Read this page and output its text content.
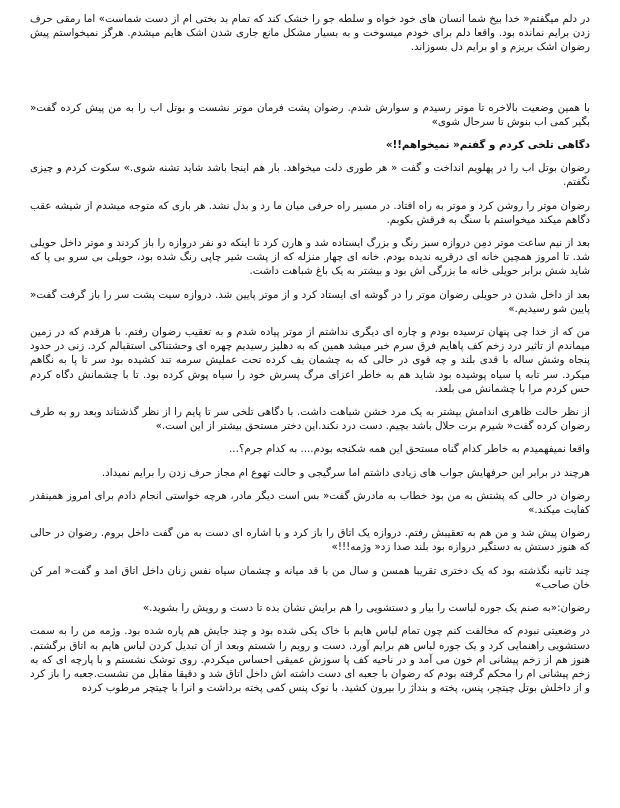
در دلم میگفتم« خدا بیخ شما انسان های خود خواه و سلطه جو را خشک کند که تمام بد بختی ام از دست شماست» اما رمقی حرف زدن برایم نمانده بود. واقعا دلم برای خودم میسوخت و به بسیار مشکل مانع جاری شدن اشک هایم میشدم. هرگز نمیخواستم پیش رضوان اشک بریزم و او برایم دل بسوزاند.

با همین وضعیت بالاخره تا موتر رسیدم و سوارش شدم. رضوان پشت فرمان موتر نشست و بوتل اب را به من پیش کرده گفت« بگیر کمی اب بنوش تا سرحال شوی»

دگاهی تلخی کردم و گفتم« نمیخواهم!!»

رضوان بوتل اب را در پهلویم انداخت و گفت « هر طوری دلت میخواهد. بار هم اینجا باشد شاید تشنه شوی.» سکوت کردم و چیزی نگفتم.

رضوان موتر را روشن کرد و موتر به راه افتاد. در مسیر راه حرفی میان ما رد و بدل نشد. هر باری که متوجه میشدم از شیشه عقب دگاهم میکند میخواستم با سنگ به فرقش بکوبم.

بعد از نیم ساعت موتر دمِن دروازه سبز رنگ و بزرگ ایستاده شد و هارن کرد تا اینکه دو نفر دروازه را باز کردند و موتر داخل حویلی شد. تا امروز همچین خانه ای درقریه ندیده بودم. خانه ای چهار منزله که از پشت شیر چاپی رنگ شده بود، حویلی بی سرو بی پا که شاید شش برابر حویلی خانه ما بزرگی اش بود و بیشتر به یک باغ شباهت داشت.

بعد از داخل شدن در حویلی رضوان موتر را در گوشه ای ایستاد کرد و از موتر پایین شد. دروازه سیت پشت سر را باز گرفت گفت« پایین شو رسیدیم.»

من که از خدا چی پنهان ترسیده بودم و چاره ای دیگری نداشتم از موتر پیاده شدم و به تعقیب رضوان رفتم. با هرقدم که در زمین میماندم از تاثیر درد زخم کف پاهایم فرق سرم خبر میشد همین که به دهلیز رسیدیم چهره ای وحشتناکی استقبالم کرد. زنی در حدود پنجاه وشش ساله با قدی بلند و چه قوی در حالی که به چشمان یف کرده تحت عملیش سرمه تند کشیده بود سر تا پا به نگاهم میکرد. سر تابه پا سیاه پوشیده بود شاید هم به خاطر اعزای مرگ پسرش خود را سیاه پوش کرده بود. تا با چشمانش دگاه کردم حس کردم مرا با چشمانش می بلعد.

از نظر حالت ظاهری اندامش بیشتر به یک مرد خشن شباهت داشت. با دگاهی تلخی سر تا پایم را از نظر گذشتاند وبعد رو به طرف رضوان کرده گفت« شیرم برت حلال باشد بچیم. دست درد نکند.این دختر مستحق بیشتر از این است.»

واقعا نمیفهمیدم به خاطر کدام گناه مستحق این همه شکنجه بودم.... به کدام جرم؟...

هرچند در برابر این حرفهایش جواب های زیادی داشتم اما سرگیجی و حالت تهوع ام مجاز حرف زدن را برایم نمیداد.

رضوان در حالی که پشتش به من بود خطاب به مادرش گفت« بس است دیگر مادر، هرچه خواستی انجام دادم برای امروز همینقدر کفایت میکند.»

رضوان پیش شد و من هم به تعقیبش رفتم. دروازه یک اتاق را باز کرد و با اشاره ای دست به من گفت داخل بروم. رضوان در حالی که هنوز دستش به دستگیر دروازه بود بلند صدا زد« وژمه!!!»

چند ثانیه نگذشته بود که یک دختری تقریبا همسن و سال من با قد میانه و چشمان سیاه نفس زنان داخل اتاق امد و گفت« امر کن خان صاحب»

رضوان:«به صنم یک جوره لباست را بیار و دستشویی را هم برایش نشان بده تا دست و رویش را بشوید.»

در وضعیتی نبودم که مخالفت کنم چون تمام لباس هایم با خاک یکی شده بود و چند جایش هم پاره شده بود. وژمه من را به سمت دستشویی راهنمایی کرد و یک جوره لباس هم برایم آورد. دست و رویم را شستم وبعد از آن تبدیل کردن لباس هایم به اتاق برگشتم. هنوز هم از زخم پیشانی ام خون می آمد و در ناحیه کف پا سوزش عمیقی احساس میکردم. روی توشک نشستم و با پارچه ای که به زخم پیشانی ام را محکم گرفته بودم که رضوان با جعبه ای دست داشته اش داخل اتاق شد و دقیقا مقابل من نشست.جعبه را باز کرد و از داخلش بوتل چیتچر، پنس، پخته و بنداژ را بیرون کشید. با نوک پنس کمی پخته برداشت و انرا با چیتچر مرطوب کرده
